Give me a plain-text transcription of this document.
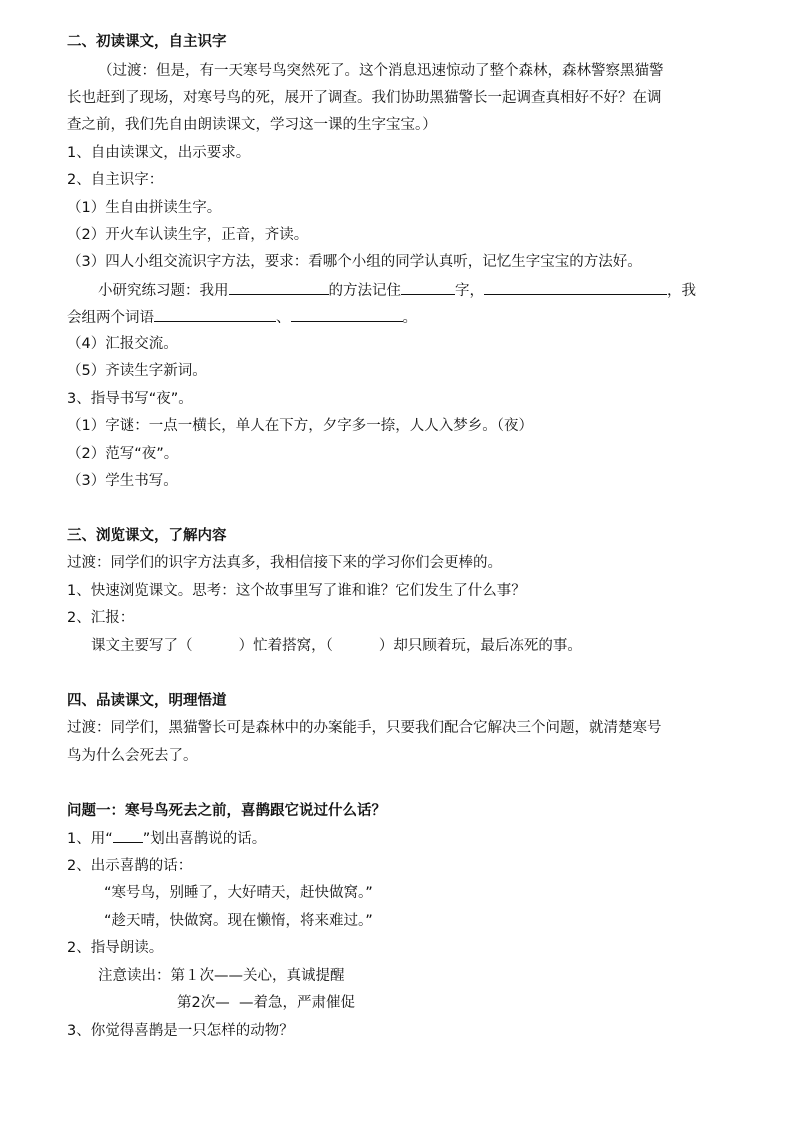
二、初读课文，自主识字
（过渡：但是，有一天寒号鸟突然死了。这个消息迅速惊动了整个森林，森林警察黑猫警
长也赶到了现场，对寒号鸟的死，展开了调查。我们协助黑猫警长一起调查真相好不好？在调
查之前，我们先自由朗读课文，学习这一课的生字宝宝。）
1、自由读课文，出示要求。
2、自主识字：
（1）生自由拼读生字。
（2）开火车认读生字，正音，齐读。
（3）四人小组交流识字方法，要求：看哪个小组的同学认真听，记忆生字宝宝的方法好。
小研究练习题：我用	的方法记住	字，	，我
会组两个词语	、	。
（4）汇报交流。
（5）齐读生字新词。
3、指导书写“夜”。
（1）字谜：一点一横长，单人在下方，夕字多一捺，人人入梦乡。（夜）
（2）范写“夜”。
（3）学生书写。
三、浏览课文，了解内容
过渡：同学们的识字方法真多，我相信接下来的学习你们会更棒的。
1、快速浏览课文。思考：这个故事里写了谁和谁？它们发生了什么事？
2、汇报：
课文主要写了（          ）忙着搭窝，（          ）却只顾着玩，最后冻死的事。
四、品读课文，明理悟道
过渡：同学们，黑猫警长可是森林中的办案能手，只要我们配合它解决三个问题，就清楚寒号
鸟为什么会死去了。
问题一：寒号鸟死去之前，喜鹊跟它说过什么话？
1、用“ ”划出喜鹊说的话。
2、出示喜鹊的话：
“寒号鸟，别睡了，大好晴天，赶快做窝。”
“趁天晴，快做窝。现在懒惰，将来难过。”
2、指导朗读。
注意读出：第１次——关心，真诚提醒
第2次—  —着急，严肃催促
3、你觉得喜鹊是一只怎样的动物？
